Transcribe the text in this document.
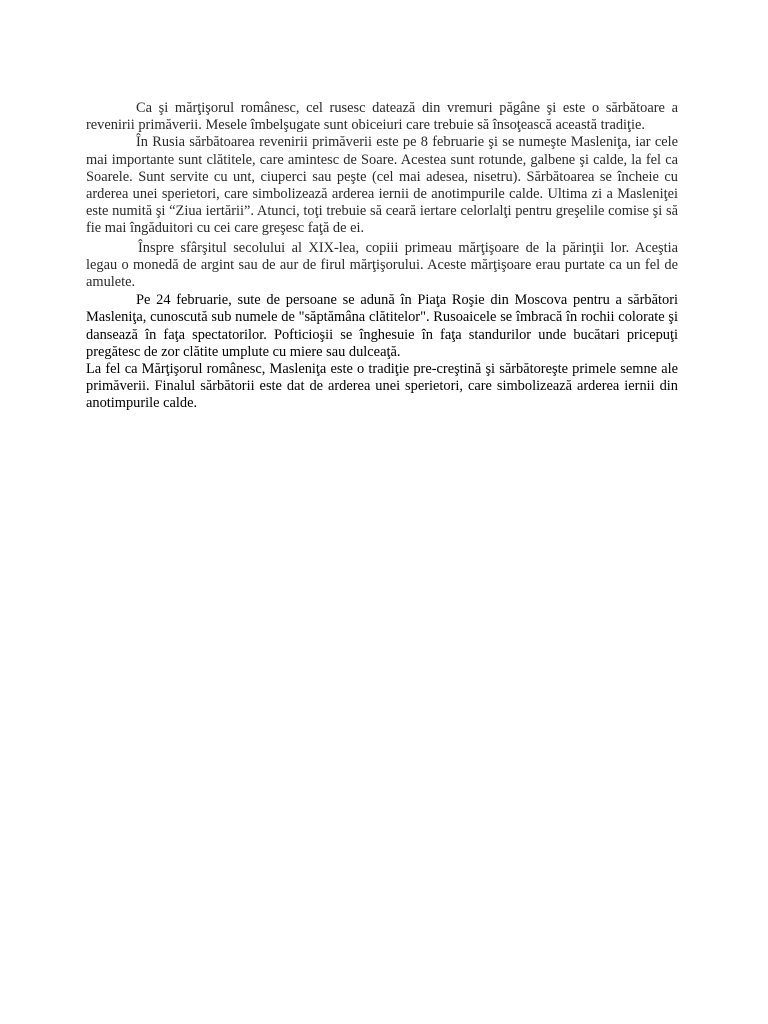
Ca şi mărţişorul românesc, cel rusesc datează din vremuri păgâne şi este o sărbătoare a revenirii primăverii. Mesele îmbelşugate sunt obiceiuri care trebuie să însoţească această tradiţie.

În Rusia sărbătoarea revenirii primăverii este pe 8 februarie şi se numeşte Masleniţa, iar cele mai importante sunt clătitele, care amintesc de Soare. Acestea sunt rotunde, galbene şi calde, la fel ca Soarele. Sunt servite cu unt, ciuperci sau peşte (cel mai adesea, nisetru). Sărbătoarea se încheie cu arderea unei sperietori, care simbolizează arderea iernii de anotimpurile calde. Ultima zi a Masleniţei este numită şi “Ziua iertării”. Atunci, toţi trebuie să ceară iertare celorlalţi pentru greşelile comise şi să fie mai îngăduitori cu cei care greşesc faţă de ei.

Înspre sfârşitul secolului al XIX-lea, copiii primeau mărţişoare de la părinţii lor. Aceştia legau o monedă de argint sau de aur de firul mărţişorului. Aceste mărţişoare erau purtate ca un fel de amulete.

Pe 24 februarie, sute de persoane se adună în Piaţa Roşie din Moscova pentru a sărbători Masleniţa, cunoscută sub numele de "săptămâna clătitelor". Rusoaicele se îmbracă în rochii colorate şi dansează în faţa spectatorilor. Pofticioşii se înghesuie în faţa standurilor unde bucătari pricepuţi pregătesc de zor clătite umplute cu miere sau dulceaţă.

La fel ca Mărţişorul românesc, Masleniţa este o tradiţie pre-creştină şi sărbătoreşte primele semne ale primăverii. Finalul sărbătorii este dat de arderea unei sperietori, care simbolizează arderea iernii din anotimpurile calde.
